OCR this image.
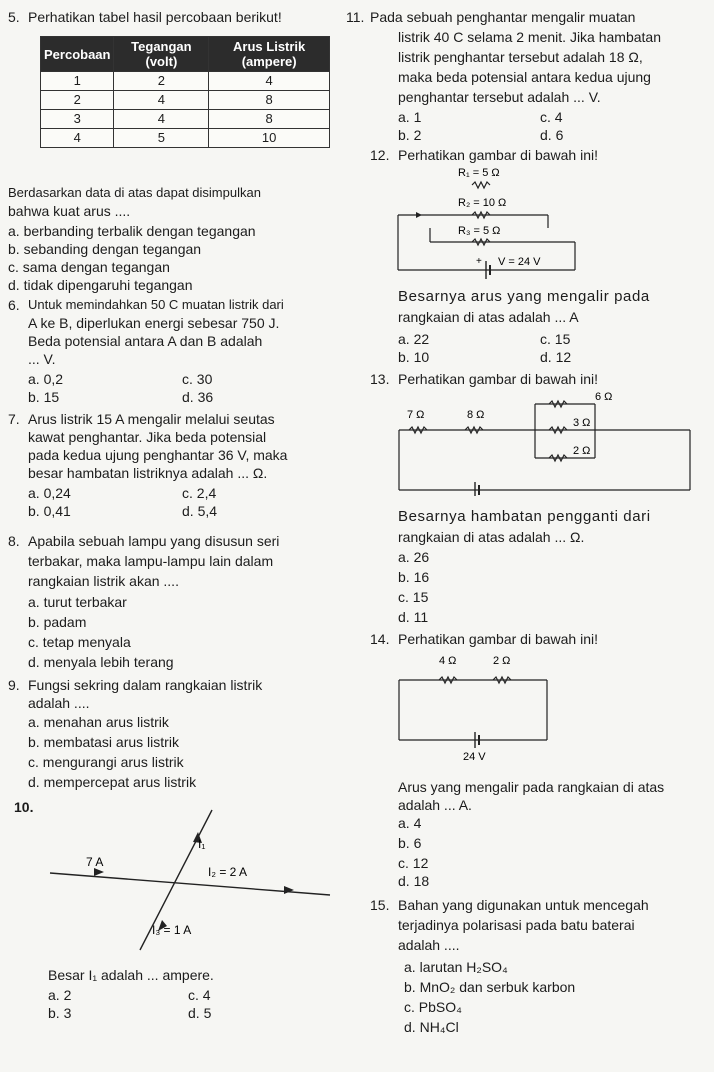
5. Perhatikan tabel hasil percobaan berikut!
Percobaan	Tegangan (volt)	Arus Listrik (ampere)
1	2	4
2	4	8
3	4	8
4	5	10
Berdasarkan data di atas dapat disimpulkan
bahwa kuat arus ....
a. berbanding terbalik dengan tegangan
b. sebanding dengan tegangan
c. sama dengan tegangan
d. tidak dipengaruhi tegangan
6. Untuk memindahkan 50 C muatan listrik dari
A ke B, diperlukan energi sebesar 750 J.
Beda potensial antara A dan B adalah
... V.
a. 0,2
b. 15
c. 30
d. 36
7. Arus listrik 15 A mengalir melalui seutas
kawat penghantar. Jika beda potensial
pada kedua ujung penghantar 36 V, maka
besar hambatan listriknya adalah ... Ω.
a. 0,24
b. 0,41
c. 2,4
d. 5,4
8. Apabila sebuah lampu yang disusun seri
terbakar, maka lampu-lampu lain dalam
rangkaian listrik akan ....
a. turut terbakar
b. padam
c. tetap menyala
d. menyala lebih terang
9. Fungsi sekring dalam rangkaian listrik
adalah ....
a. menahan arus listrik
b. membatasi arus listrik
c. mengurangi arus listrik
d. mempercepat arus listrik
10.
I₁
7 A
I₂ = 2 A
I₃ = 1 A
Besar I₁ adalah ... ampere.
a. 2
b. 3
c. 4
d. 5
11. Pada sebuah penghantar mengalir muatan
listrik 40 C selama 2 menit. Jika hambatan
listrik penghantar tersebut adalah 18 Ω,
maka beda potensial antara kedua ujung
penghantar tersebut adalah ... V.
a. 1
b. 2
c. 4
d. 6
12. Perhatikan gambar di bawah ini!
R₁ = 5 Ω
R₂ = 10 Ω
R₃ = 5 Ω
+ V = 24 V
Besarnya arus yang mengalir pada
rangkaian di atas adalah ... A
a. 22
b. 10
c. 15
d. 12
13. Perhatikan gambar di bawah ini!
7 Ω	8 Ω
6 Ω
3 Ω
2 Ω
Besarnya hambatan pengganti dari
rangkaian di atas adalah ... Ω.
a. 26
b. 16
c. 15
d. 11
14. Perhatikan gambar di bawah ini!
4 Ω	2 Ω
24 V
Arus yang mengalir pada rangkaian di atas
adalah ... A.
a. 4
b. 6
c. 12
d. 18
15. Bahan yang digunakan untuk mencegah
terjadinya polarisasi pada batu baterai
adalah ....
a. larutan H₂SO₄
b. MnO₂ dan serbuk karbon
c. PbSO₄
d. NH₄Cl
